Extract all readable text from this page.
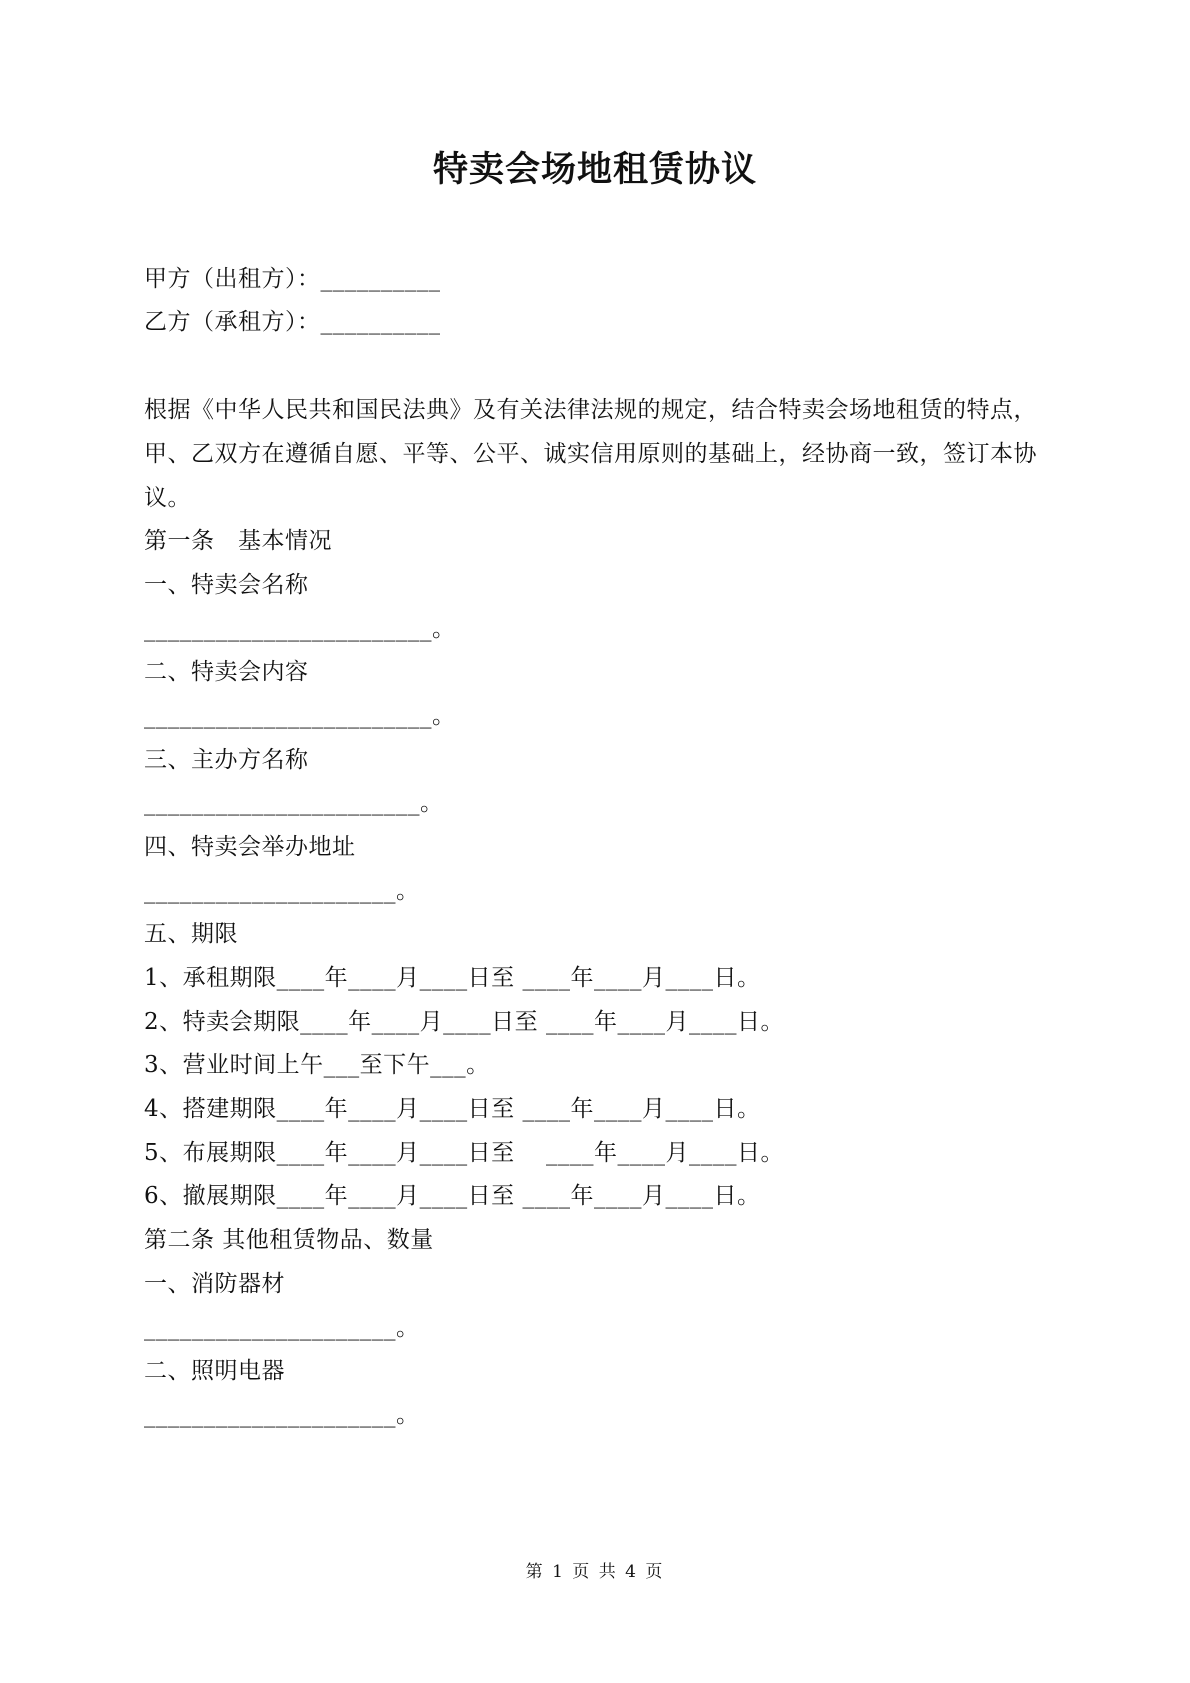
特卖会场地租赁协议

甲方（出租方）：__________

乙方（承租方）：__________

根据《中华人民共和国民法典》及有关法律法规的规定，结合特卖会场地租赁的特点，

甲、乙双方在遵循自愿、平等、公平、诚实信用原则的基础上，经协商一致，签订本协

议。

第一条　基本情况

一、特卖会名称

________________________。

二、特卖会内容

________________________。

三、主办方名称

_______________________。

四、特卖会举办地址

_____________________。

五、期限

1、承租期限____年____月____日至 ____年____月____日。

2、特卖会期限____年____月____日至 ____年____月____日。

3、营业时间上午___至下午___。

4、搭建期限____年____月____日至 ____年____月____日。

5、布展期限____年____月____日至　 ____年____月____日。

6、撤展期限____年____月____日至 ____年____月____日。

第二条 其他租赁物品、数量

一、消防器材

_____________________。

二、照明电器

_____________________。

第 1 页 共 4 页
